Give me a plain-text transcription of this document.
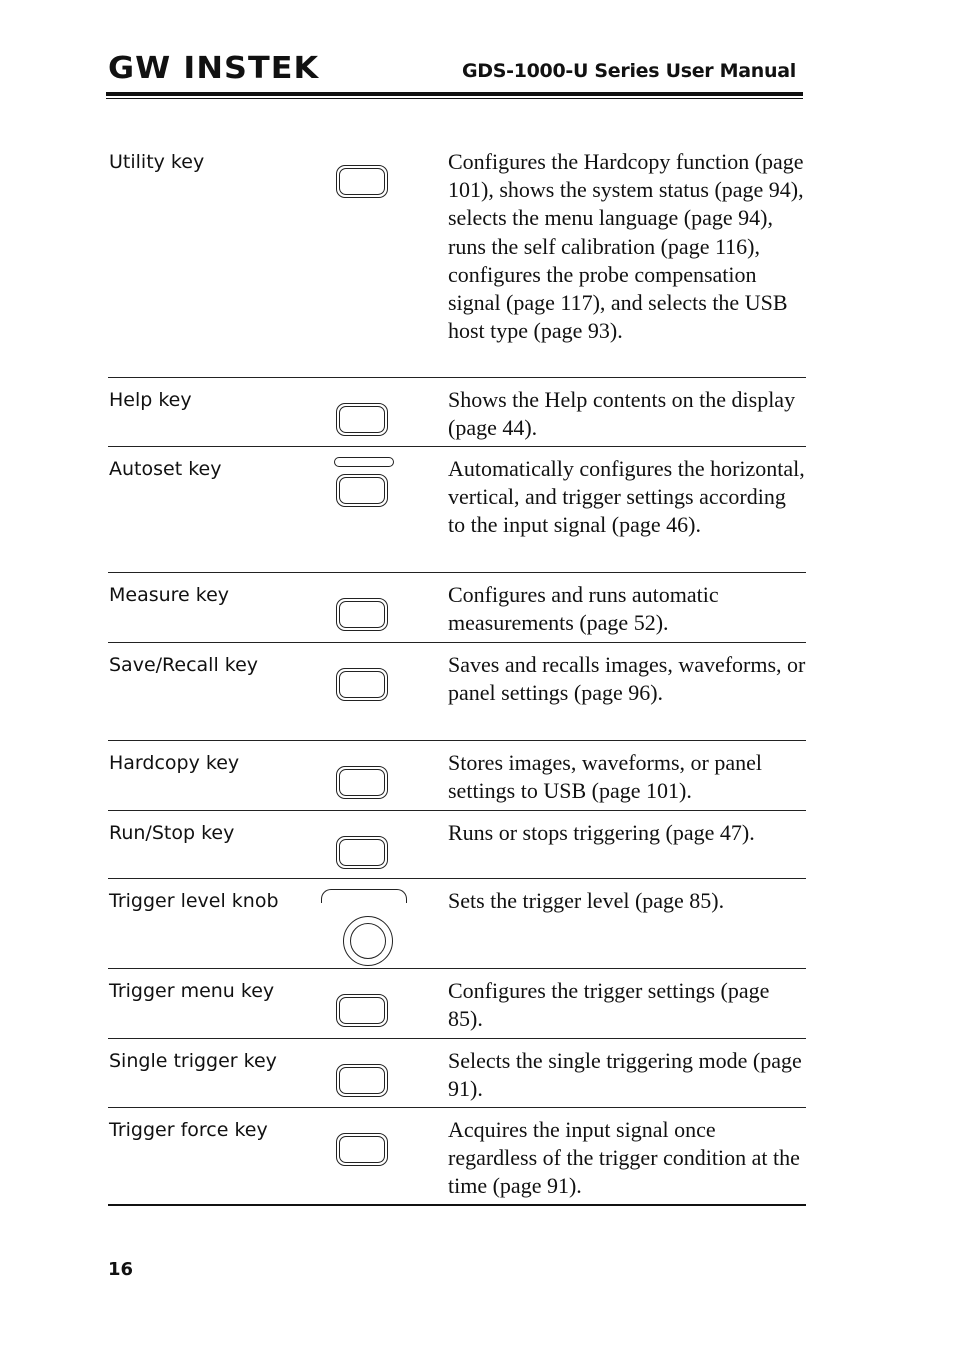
GW INSTEK	GDS-1000-U Series User Manual
Utility key	Configures the Hardcopy function (page 101), shows the system status (page 94), selects the menu language (page 94), runs the self calibration (page 116), configures the probe compensation signal (page 117), and selects the USB host type (page 93).
Help key	Shows the Help contents on the display (page 44).
Autoset key	Automatically configures the horizontal, vertical, and trigger settings according to the input signal (page 46).
Measure key	Configures and runs automatic measurements (page 52).
Save/Recall key	Saves and recalls images, waveforms, or panel settings (page 96).
Hardcopy key	Stores images, waveforms, or panel settings to USB (page 101).
Run/Stop key	Runs or stops triggering (page 47).
Trigger level knob	Sets the trigger level (page 85).
Trigger menu key	Configures the trigger settings (page 85).
Single trigger key	Selects the single triggering mode (page 91).
Trigger force key	Acquires the input signal once regardless of the trigger condition at the time (page 91).
16
